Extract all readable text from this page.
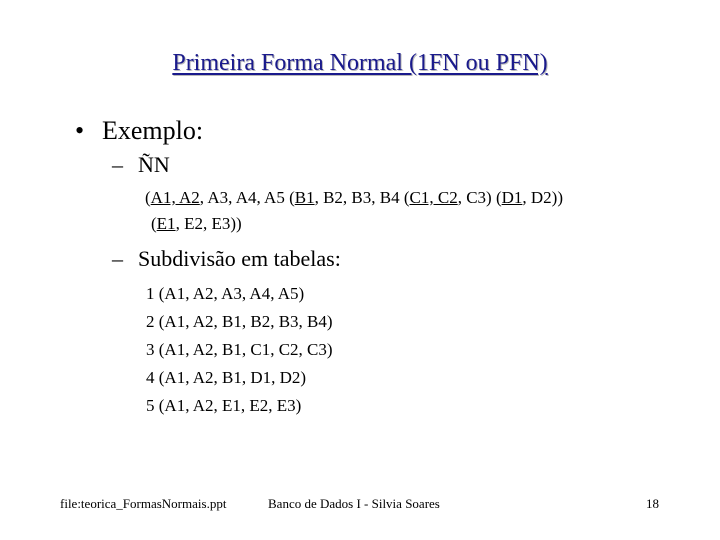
Primeira Forma Normal (1FN ou PFN)
• Exemplo:
– ÑN
(A1, A2, A3, A4, A5 (B1, B2, B3, B4 (C1, C2, C3) (D1, D2))
(E1, E2, E3))
– Subdivisão em tabelas:
1 (A1, A2, A3, A4, A5)
2 (A1, A2, B1, B2, B3, B4)
3 (A1, A2, B1, C1, C2, C3)
4 (A1, A2, B1, D1, D2)
5 (A1, A2, E1, E2, E3)
file:teorica_FormasNormais.ppt	Banco de Dados I - Silvia Soares	18
